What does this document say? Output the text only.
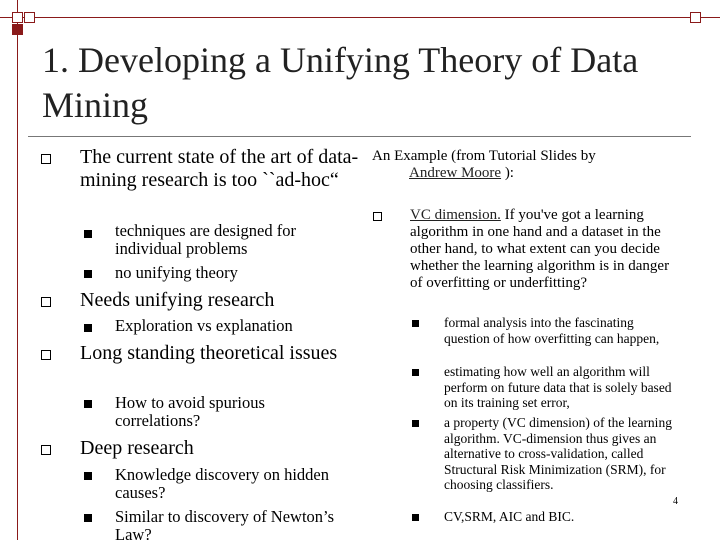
1. Developing a Unifying Theory of Data Mining
The current state of the art of data-mining research is too ``ad-hoc“
techniques are designed for individual problems
no unifying theory
Needs unifying research
Exploration vs explanation
Long standing theoretical issues
How to avoid spurious correlations?
Deep research
Knowledge discovery on hidden causes?
Similar to discovery of Newton’s Law?
An Example (from Tutorial Slides by
Andrew Moore ):
VC dimension. If you've got a learning algorithm in one hand and a dataset in the other hand, to what extent can you decide whether the learning algorithm is in danger of overfitting or underfitting?
formal analysis into the fascinating question of how overfitting can happen,
estimating how well an algorithm will perform on future data that is solely based on its training set error,
a property (VC dimension) of the learning algorithm. VC-dimension thus gives an alternative to cross-validation, called Structural Risk Minimization (SRM), for choosing classifiers.
CV,SRM, AIC and BIC.
4
